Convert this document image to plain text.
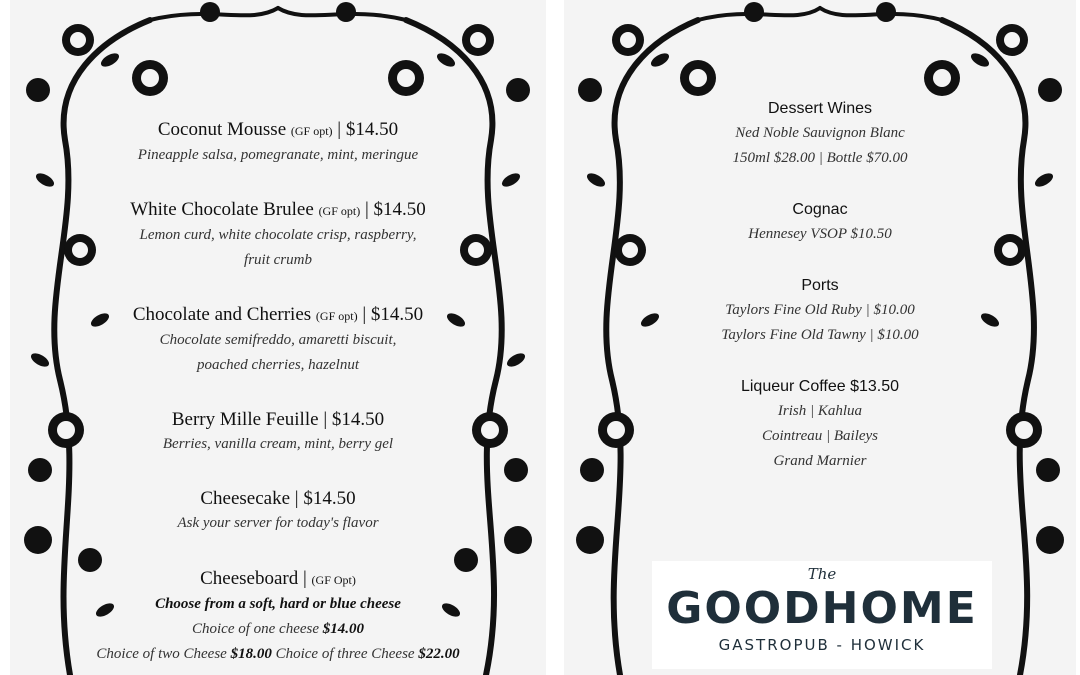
Coconut Mousse (GF opt) | $14.50
Pineapple salsa, pomegranate, mint, meringue
White Chocolate Brulee (GF opt) | $14.50
Lemon curd, white chocolate crisp, raspberry,
fruit crumb
Chocolate and Cherries (GF opt) | $14.50
Chocolate semifreddo, amaretti biscuit,
poached cherries, hazelnut
Berry Mille Feuille | $14.50
Berries, vanilla cream, mint, berry gel
Cheesecake | $14.50
Ask your server for today's flavor
Cheeseboard | (GF Opt)
Choose from a soft, hard or blue cheese
Choice of one cheese $14.00
Choice of two Cheese $18.00 Choice of three Cheese $22.00
Dessert Wines
Ned Noble Sauvignon Blanc
150ml $28.00 | Bottle $70.00
Cognac
Hennesey VSOP $10.50
Ports
Taylors Fine Old Ruby | $10.00
Taylors Fine Old Tawny | $10.00
Liqueur Coffee $13.50
Irish | Kahlua
Cointreau | Baileys
Grand Marnier
The
GOODHOME
GASTROPUB - HOWICK
